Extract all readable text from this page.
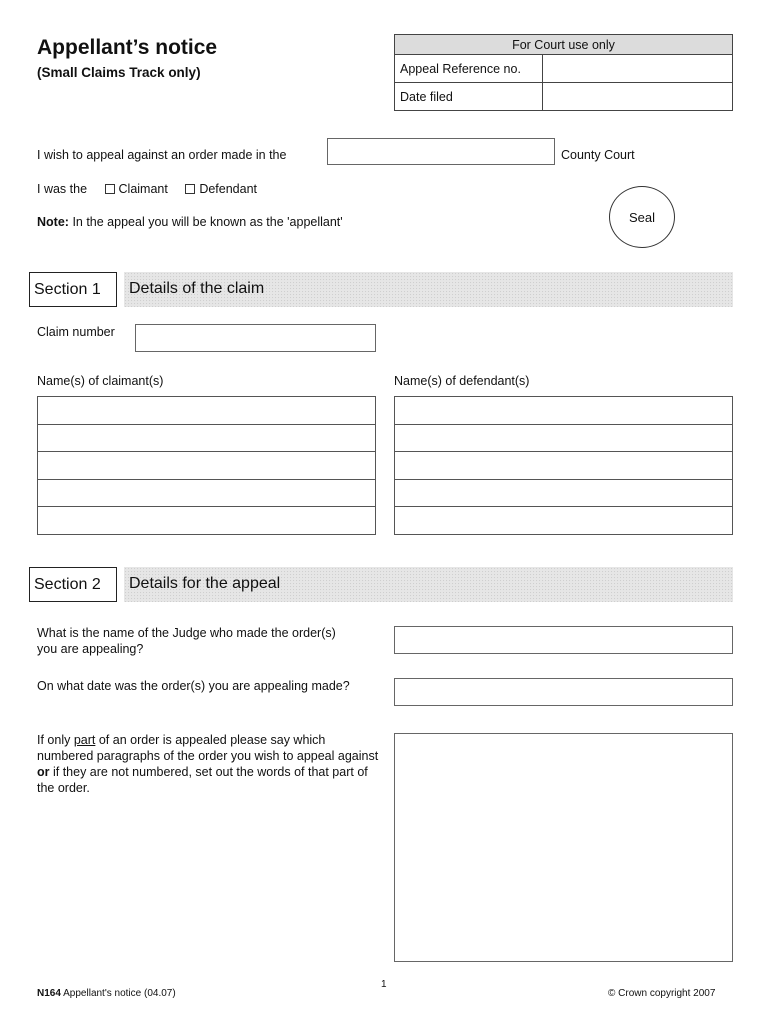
Appellant’s notice
(Small Claims Track only)
For Court use only	
Appeal Reference no.	
Date filed	
I wish to appeal against an order made in the	County Court
I was the	Claimant	Defendant
Note: In the appeal you will be known as the 'appellant'	Seal
Section 1	Details of the claim
Claim number
Name(s) of claimant(s)	Name(s) of defendant(s)

Section 2	Details for the appeal
What is the name of the Judge who made the order(s) you are appealing?
On what date was the order(s) you are appealing made?
If only part of an order is appealed please say which numbered paragraphs of the order you wish to appeal against or if they are not numbered, set out the words of that part of the order.
1
N164 Appellant's notice (04.07)	© Crown copyright 2007
